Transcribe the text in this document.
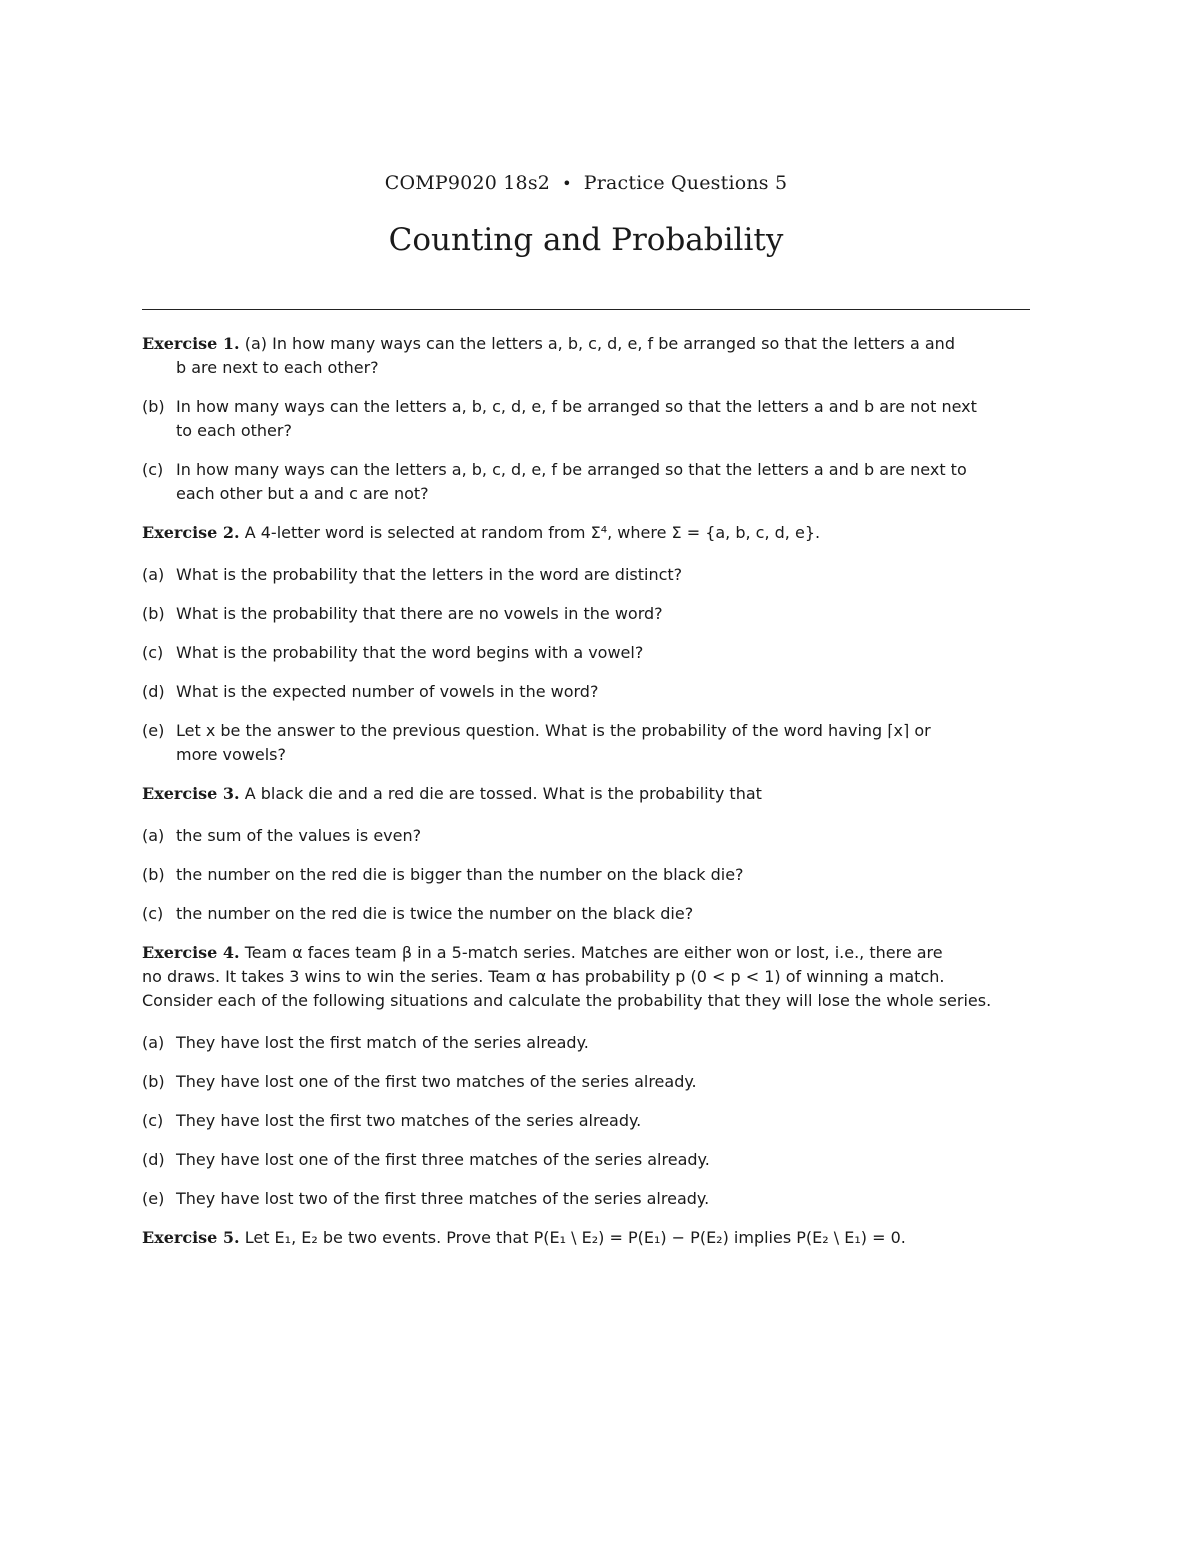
COMP9020 18s2 • Practice Questions 5
Counting and Probability
Exercise 1. (a) In how many ways can the letters a, b, c, d, e, f be arranged so that the letters a and
b are next to each other?
(b) In how many ways can the letters a, b, c, d, e, f be arranged so that the letters a and b are not next
to each other?
(c) In how many ways can the letters a, b, c, d, e, f be arranged so that the letters a and b are next to
each other but a and c are not?
Exercise 2. A 4-letter word is selected at random from Σ⁴, where Σ = {a, b, c, d, e}.
(a) What is the probability that the letters in the word are distinct?
(b) What is the probability that there are no vowels in the word?
(c) What is the probability that the word begins with a vowel?
(d) What is the expected number of vowels in the word?
(e) Let x be the answer to the previous question. What is the probability of the word having ⌈x⌉ or
more vowels?
Exercise 3. A black die and a red die are tossed. What is the probability that
(a) the sum of the values is even?
(b) the number on the red die is bigger than the number on the black die?
(c) the number on the red die is twice the number on the black die?
Exercise 4. Team α faces team β in a 5-match series. Matches are either won or lost, i.e., there are
no draws. It takes 3 wins to win the series. Team α has probability p (0 < p < 1) of winning a match.
Consider each of the following situations and calculate the probability that they will lose the whole series.
(a) They have lost the first match of the series already.
(b) They have lost one of the first two matches of the series already.
(c) They have lost the first two matches of the series already.
(d) They have lost one of the first three matches of the series already.
(e) They have lost two of the first three matches of the series already.
Exercise 5. Let E₁, E₂ be two events. Prove that P(E₁ \ E₂) = P(E₁) − P(E₂) implies P(E₂ \ E₁) = 0.
